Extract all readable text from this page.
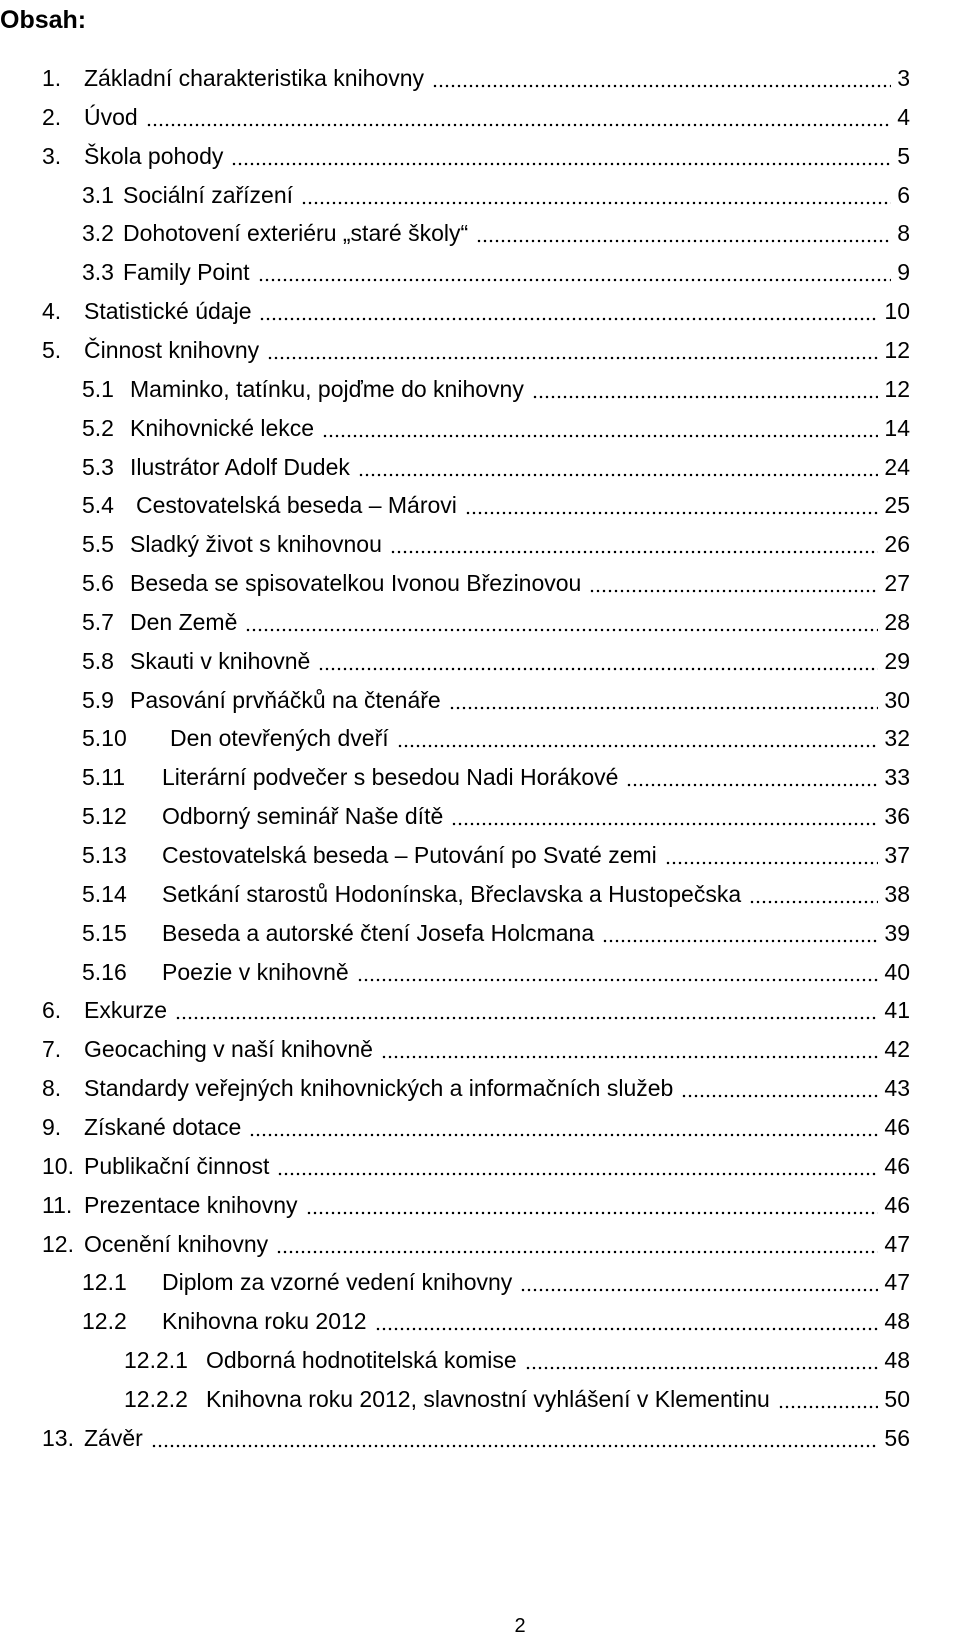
Obsah:
1. Základní charakteristika knihovny	3
2. Úvod	4
3. Škola pohody	5
3.1 Sociální zařízení	6
3.2 Dohotovení exteriéru „staré školy“	8
3.3 Family Point	9
4. Statistické údaje	10
5. Činnost knihovny	12
5.1 Maminko, tatínku, pojďme do knihovny	12
5.2 Knihovnické lekce	14
5.3 Ilustrátor Adolf Dudek	24
5.4 Cestovatelská beseda – Márovi	25
5.5 Sladký život s knihovnou	26
5.6 Beseda se spisovatelkou Ivonou Březinovou	27
5.7 Den Země	28
5.8 Skauti v knihovně	29
5.9 Pasování prvňáčků na čtenáře	30
5.10	Den otevřených dveří	32
5.11	Literární podvečer s besedou Nadi Horákové	33
5.12	Odborný seminář Naše dítě	36
5.13	Cestovatelská beseda – Putování po Svaté zemi	37
5.14	Setkání starostů Hodonínska, Břeclavska a Hustopečska	38
5.15	Beseda a autorské čtení Josefa Holcmana	39
5.16	Poezie v knihovně	40
6. Exkurze	41
7. Geocaching v naší knihovně	42
8. Standardy veřejných knihovnických a informačních služeb	43
9. Získané dotace	46
10. Publikační činnost	46
11. Prezentace knihovny	46
12. Ocenění knihovny	47
12.1	Diplom za vzorné vedení knihovny	47
12.2	Knihovna roku 2012	48
12.2.1 Odborná hodnotitelská komise	48
12.2.2 Knihovna roku 2012, slavnostní vyhlášení v Klementinu	50
13. Závěr	56
2
